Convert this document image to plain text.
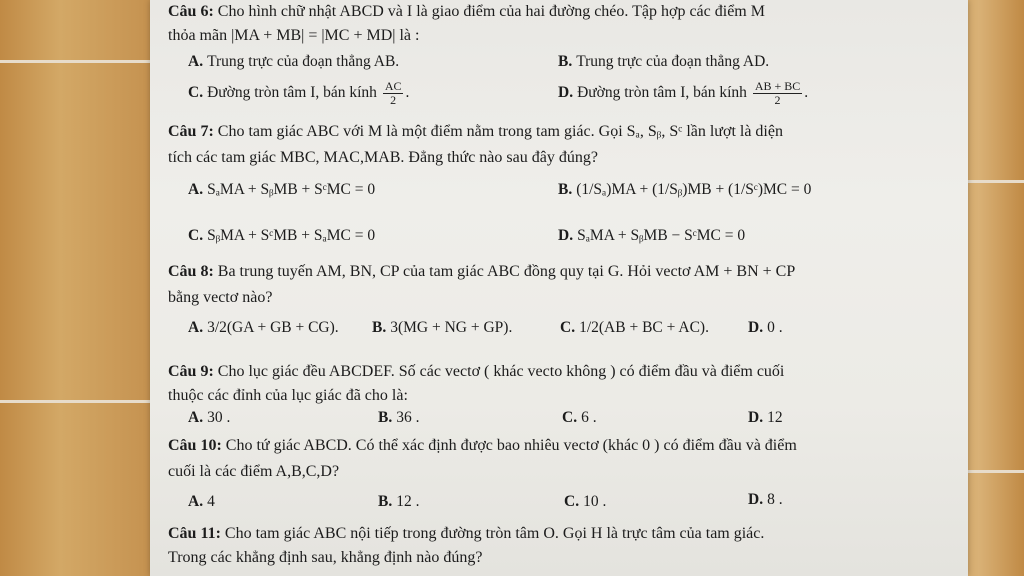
Câu 6: Cho hình chữ nhật ABCD và I là giao điểm của hai đường chéo. Tập hợp các điểm M
thỏa mãn |MA + MB| = |MC + MD| là :
A. Trung trực của đoạn thẳng AB.	B. Trung trực của đoạn thẳng AD.
C. Đường tròn tâm I, bán kính $\frac{AC}{2}$ .	D. Đường tròn tâm I, bán kính $\frac{AB + BC}{2}$ .
Câu 7: Cho tam giác ABC với M là một điểm nằm trong tam giác. Gọi Sₐ, Sᵦ, Sᶜ lần lượt là diện
tích các tam giác MBC, MAC,MAB. Đẳng thức nào sau đây đúng?
A. SₐMA + SᵦMB + SᶜMC = 0	B. (1/Sₐ)MA + (1/Sᵦ)MB + (1/Sᶜ)MC = 0
C. SᵦMA + SᶜMB + SₐMC = 0	D. SₐMA + SᵦMB − SᶜMC = 0
Câu 8: Ba trung tuyến AM, BN, CP của tam giác ABC đồng quy tại G. Hỏi vectơ AM + BN + CP
bằng vectơ nào?
A. 3/2(GA + GB + CG). B. 3(MG + NG + GP).	C. 1/2(AB + BC + AC).	D. 0 .
Câu 9: Cho lục giác đều ABCDEF. Số các vectơ ( khác vecto không ) có điểm đầu và điểm cuối
thuộc các đỉnh của lục giác đã cho là:
A. 30 .	B. 36 .	C. 6 .	D. 12
Câu 10: Cho tứ giác ABCD. Có thể xác định được bao nhiêu vectơ (khác 0 ) có điểm đầu và điểm
cuối là các điểm A,B,C,D?
A. 4	B. 12 .	C. 10 .	D. 8 .
Câu 11: Cho tam giác ABC nội tiếp trong đường tròn tâm O. Gọi H là trực tâm của tam giác.
Trong các khẳng định sau, khẳng định nào đúng?
